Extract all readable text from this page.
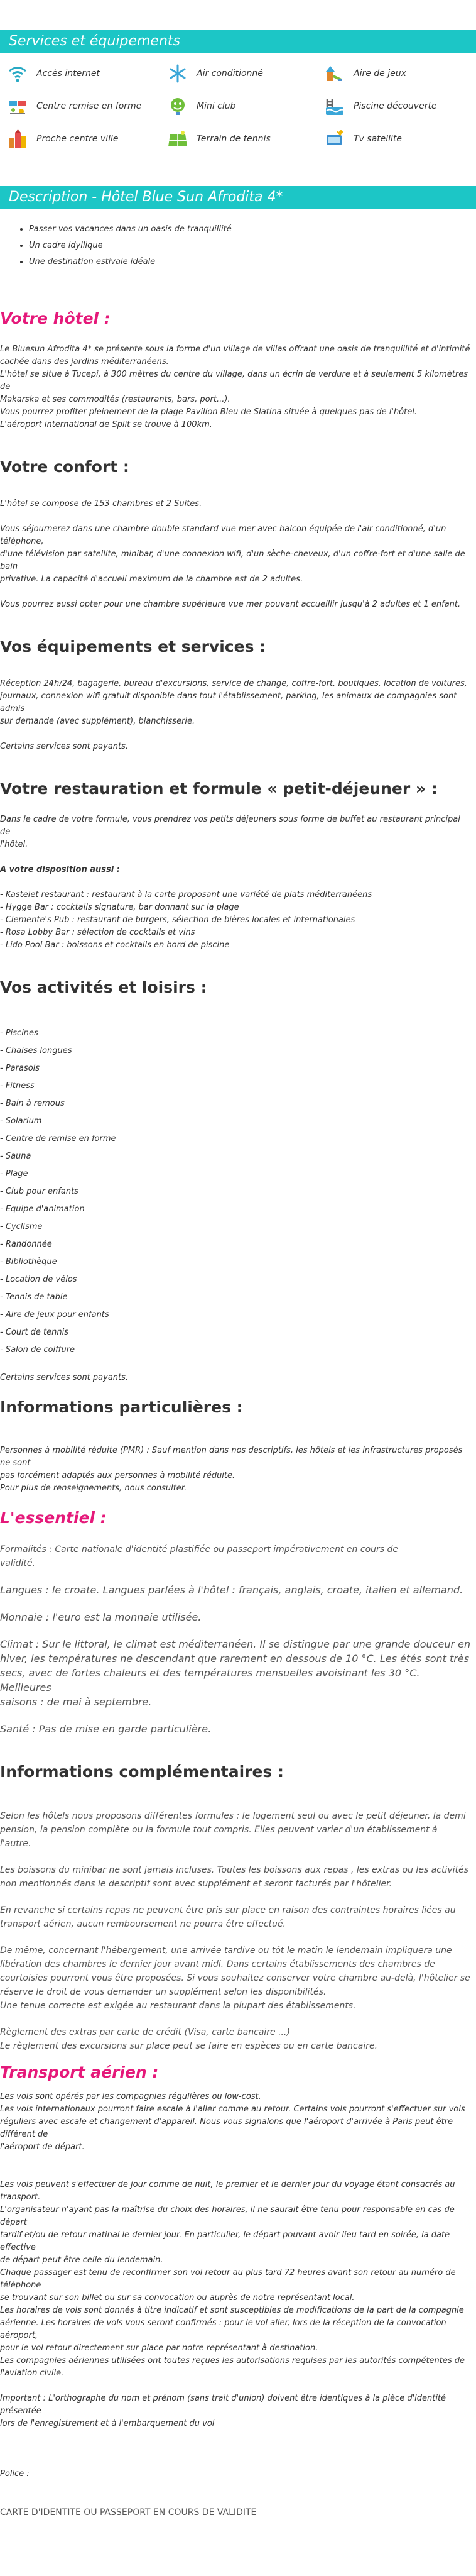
Services et équipements
Accès internet	Air conditionné	Aire de jeux
Centre remise en forme	Mini club	Piscine découverte
Proche centre ville	Terrain de tennis	Tv satellite
Description - Hôtel Blue Sun Afrodita 4*
• Passer vos vacances dans un oasis de tranquillité
• Un cadre idyllique
• Une destination estivale idéale
Votre hôtel :

Le Bluesun Afrodita 4* se présente sous la forme d'un village de villas offrant une oasis de tranquillité et d'intimité

cachée dans des jardins méditerranéens.

L'hôtel se situe à Tucepi, à 300 mètres du centre du village, dans un écrin de verdure et à seulement 5 kilomètres de

Makarska et ses commodités (restaurants, bars, port...).

Vous pourrez profiter pleinement de la plage Pavilion Bleu de Slatina située à quelques pas de l'hôtel.

L'aéroport international de Split se trouve à 100km.

Votre confort :

L'hôtel se compose de 153 chambres et 2 Suites.

Vous séjournerez dans une chambre double standard vue mer avec balcon équipée de l'air conditionné, d'un téléphone,

d'une télévision par satellite, minibar, d'une connexion wifi, d'un sèche-cheveux, d'un coffre-fort et d'une salle de bain

privative. La capacité d'accueil maximum de la chambre est de 2 adultes.

Vous pourrez aussi opter pour une chambre supérieure vue mer pouvant accueillir jusqu'à 2 adultes et 1 enfant.

Vos équipements et services :

Réception 24h/24, bagagerie, bureau d'excursions, service de change, coffre-fort, boutiques, location de voitures,

journaux, connexion wifi gratuit disponible dans tout l'établissement, parking, les animaux de compagnies sont admis

sur demande (avec supplément), blanchisserie.

Certains services sont payants.

Votre restauration et formule « petit-déjeuner » :

Dans le cadre de votre formule, vous prendrez vos petits déjeuners sous forme de buffet au restaurant principal de

l'hôtel.

A votre disposition aussi :

- Kastelet restaurant : restaurant à la carte proposant une variété de plats méditerranéens

- Hygge Bar : cocktails signature, bar donnant sur la plage

- Clemente's Pub : restaurant de burgers, sélection de bières locales et internationales

- Rosa Lobby Bar : sélection de cocktails et vins

- Lido Pool Bar : boissons et cocktails en bord de piscine

Vos activités et loisirs :

- Piscines

- Chaises longues

- Parasols

- Fitness

- Bain à remous

- Solarium

- Centre de remise en forme

- Sauna

- Plage

- Club pour enfants

- Equipe d'animation

- Cyclisme

- Randonnée

- Bibliothèque

- Location de vélos

- Tennis de table

- Aire de jeux pour enfants

- Court de tennis

- Salon de coiffure

Certains services sont payants.

Informations particulières :

Personnes à mobilité réduite (PMR) : Sauf mention dans nos descriptifs, les hôtels et les infrastructures proposés ne sont

pas forcément adaptés aux personnes à mobilité réduite.

Pour plus de renseignements, nous consulter.

L'essentiel :

Formalités : Carte nationale d'identité plastifiée ou passeport impérativement en cours de

validité.

Langues : le croate. Langues parlées à l'hôtel : français, anglais, croate, italien et allemand.

Monnaie : l'euro est la monnaie utilisée.

Climat : Sur le littoral, le climat est méditerranéen. Il se distingue par une grande douceur en

hiver, les températures ne descendant que rarement en dessous de 10 °C. Les étés sont très

secs, avec de fortes chaleurs et des températures mensuelles avoisinant les 30 °C. Meilleures

saisons : de mai à septembre.

Santé : Pas de mise en garde particulière.

Informations complémentaires :

Selon les hôtels nous proposons différentes formules : le logement seul ou avec le petit déjeuner, la demi

pension, la pension complète ou la formule tout compris. Elles peuvent varier d'un établissement à l'autre.

Les boissons du minibar ne sont jamais incluses. Toutes les boissons aux repas , les extras ou les activités

non mentionnés dans le descriptif sont avec supplément et seront facturés par l'hôtelier.

En revanche si certains repas ne peuvent être pris sur place en raison des contraintes horaires liées au

transport aérien, aucun remboursement ne pourra être effectué.

De même, concernant l'hébergement, une arrivée tardive ou tôt le matin le lendemain impliquera une

libération des chambres le dernier jour avant midi. Dans certains établissements des chambres de

courtoisies pourront vous être proposées. Si vous souhaitez conserver votre chambre au-delà, l'hôtelier se

réserve le droit de vous demander un supplément selon les disponibilités.

Une tenue correcte est exigée au restaurant dans la plupart des établissements.

Règlement des extras par carte de crédit (Visa, carte bancaire ...)

Le règlement des excursions sur place peut se faire en espèces ou en carte bancaire.

Transport aérien :

Les vols sont opérés par les compagnies régulières ou low-cost.

Les vols internationaux pourront faire escale à l'aller comme au retour. Certains vols pourront s'effectuer sur vols

réguliers avec escale et changement d'appareil. Nous vous signalons que l'aéroport d'arrivée à Paris peut être différent de

l'aéroport de départ.

Les vols peuvent s'effectuer de jour comme de nuit, le premier et le dernier jour du voyage étant consacrés au transport.

L'organisateur n'ayant pas la maîtrise du choix des horaires, il ne saurait être tenu pour responsable en cas de départ

tardif et/ou de retour matinal le dernier jour. En particulier, le départ pouvant avoir lieu tard en soirée, la date effective

de départ peut être celle du lendemain.

Chaque passager est tenu de reconfirmer son vol retour au plus tard 72 heures avant son retour au numéro de téléphone

se trouvant sur son billet ou sur sa convocation ou auprès de notre représentant local.

Les horaires de vols sont donnés à titre indicatif et sont susceptibles de modifications de la part de la compagnie

aérienne. Les horaires de vols vous seront confirmés : pour le vol aller, lors de la réception de la convocation aéroport,

pour le vol retour directement sur place par notre représentant à destination.

Les compagnies aériennes utilisées ont toutes reçues les autorisations requises par les autorités compétentes de

l'aviation civile.

Important : L'orthographe du nom et prénom (sans trait d'union) doivent être identiques à la pièce d'identité présentée

lors de l'enregistrement et à l'embarquement du vol

Police :

CARTE D'IDENTITE OU PASSEPORT EN COURS DE VALIDITE
